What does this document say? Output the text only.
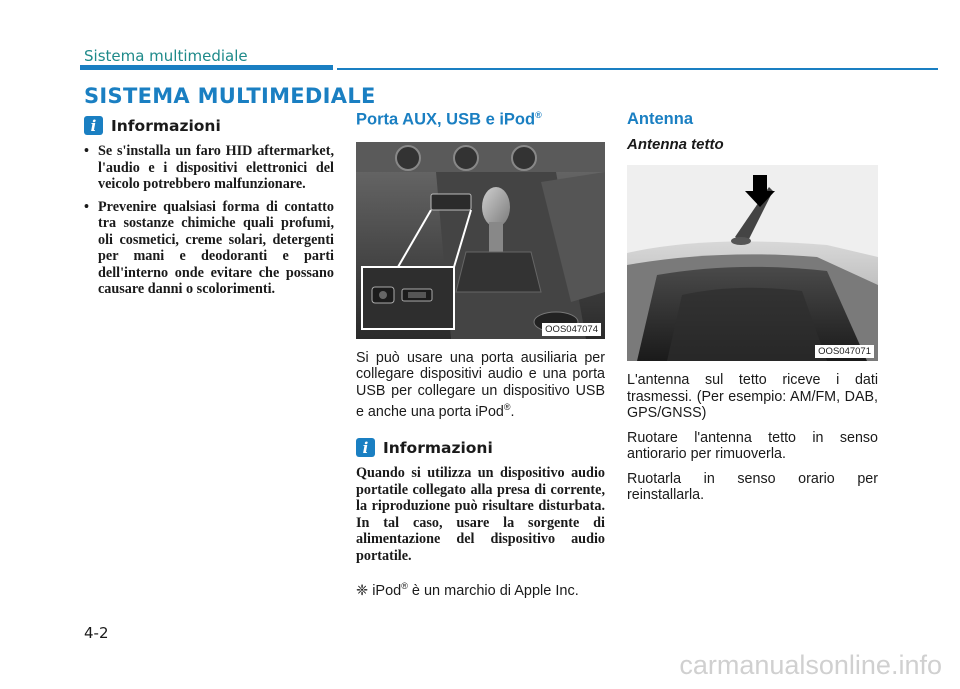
Sistema multimediale
SISTEMA MULTIMEDIALE
i Informazioni
• Se s'installa un faro HID aftermarket, l'audio e i dispositivi elettronici del veicolo potrebbero malfunzionare.
• Prevenire qualsiasi forma di contatto tra sostanze chimiche quali profumi, oli cosmetici, creme solari, detergenti per mani e deodoranti e parti dell'interno onde evitare che possano causare danni o scolorimenti.
Porta AUX, USB e iPod®
OOS047074
Si può usare una porta ausiliaria per collegare dispositivi audio e una porta USB per collegare un dispositivo USB e anche una porta iPod®.
i Informazioni
Quando si utilizza un dispositivo audio portatile collegato alla presa di corrente, la riproduzione può risultare disturbata. In tal caso, usare la sorgente di alimentazione del dispositivo audio portatile.
❈ iPod® è un marchio di Apple Inc.
Antenna
Antenna tetto
OOS047071

L'antenna sul tetto riceve i dati trasmessi. (Per esempio: AM/FM, DAB, GPS/GNSS)

Ruotare l'antenna tetto in senso antiorario per rimuoverla.

Ruotarla in senso orario per reinstallarla.

4-2
carmanualsonline.info
